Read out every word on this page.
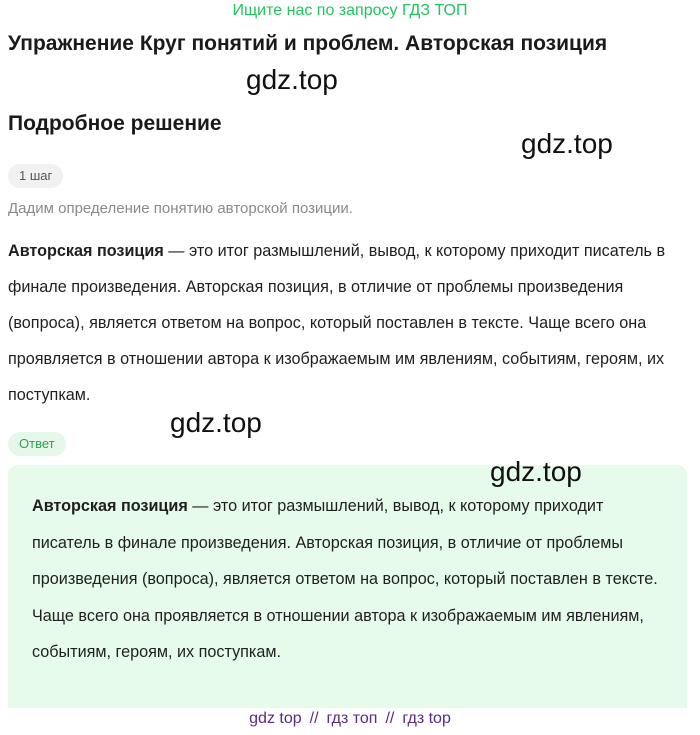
Ищите нас по запросу ГДЗ ТОП
Упражнение Круг понятий и проблем. Авторская позиция
gdz.top
gdz.top
Подробное решение
1 шаг
Дадим определение понятию авторской позиции.

Авторская позиция — это итог размышлений, вывод, к которому приходит писатель в финале произведения. Авторская позиция, в отличие от проблемы произведения (вопроса), является ответом на вопрос, который поставлен в тексте. Чаще всего она проявляется в отношении автора к изображаемым им явлениям, событиям, героям, их поступкам.

gdz.top
Ответ
gdz.top

Авторская позиция — это итог размышлений, вывод, к которому приходит писатель в финале произведения. Авторская позиция, в отличие от проблемы произведения (вопроса), является ответом на вопрос, который поставлен в тексте. Чаще всего она проявляется в отношении автора к изображаемым им явлениям, событиям, героям, их поступкам.

gdz top // гдз топ // гдз top
